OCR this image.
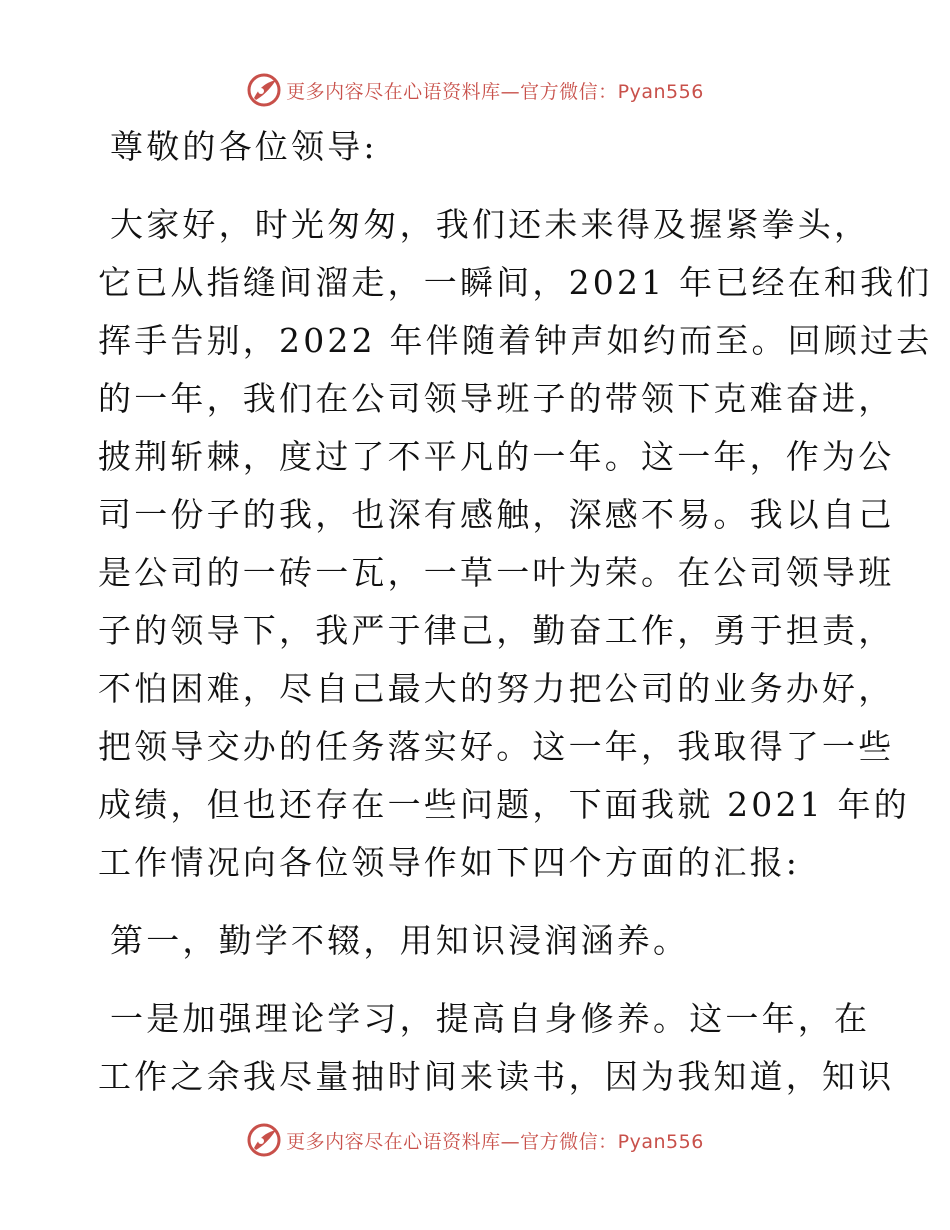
更多内容尽在心语资料库—官方微信：Pyan556

尊敬的各位领导:

大家好，时光匆匆，我们还未来得及握紧拳头，
它已从指缝间溜走，一瞬间，2021 年已经在和我们
挥手告别，2022 年伴随着钟声如约而至。回顾过去
的一年，我们在公司领导班子的带领下克难奋进，
披荆斩棘，度过了不平凡的一年。这一年，作为公
司一份子的我，也深有感触，深感不易。我以自己
是公司的一砖一瓦，一草一叶为荣。在公司领导班
子的领导下，我严于律己，勤奋工作，勇于担责，
不怕困难，尽自己最大的努力把公司的业务办好，
把领导交办的任务落实好。这一年，我取得了一些
成绩，但也还存在一些问题，下面我就 2021 年的
工作情况向各位领导作如下四个方面的汇报:

第一，勤学不辍，用知识浸润涵养。

一是加强理论学习，提高自身修养。这一年，在
工作之余我尽量抽时间来读书，因为我知道，知识

更多内容尽在心语资料库—官方微信：Pyan556
